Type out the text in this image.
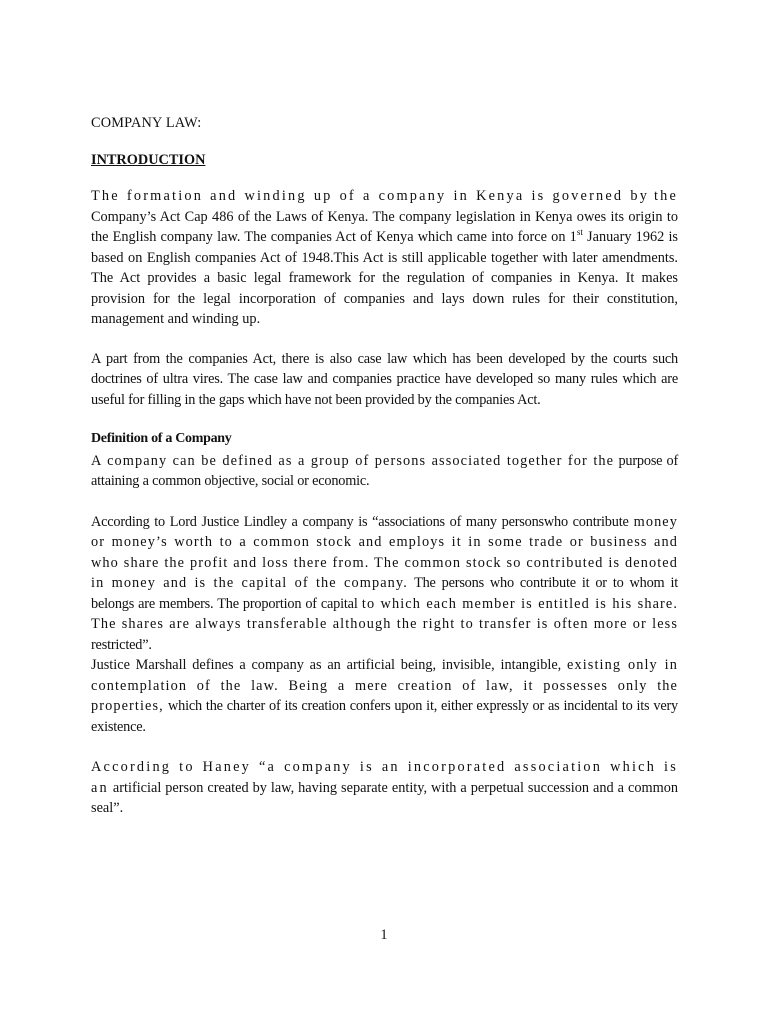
COMPANY LAW:
INTRODUCTION

The formation and winding up of a company in Kenya is governed by the Company’s Act Cap 486 of the Laws of Kenya. The company legislation in Kenya owes its origin to the English company law. The companies Act of Kenya which came into force on 1st January 1962 is based on English companies Act of 1948.This Act is still applicable together with later amendments. The Act provides a basic legal framework for the regulation of companies in Kenya. It makes provision for the legal incorporation of companies and lays down rules for their constitution, management and winding up.

A part from the companies Act, there is also case law which has been developed by the courts such doctrines of ultra vires. The case law and companies practice have developed so many rules which are useful for filling in the gaps which have not been provided by the companies Act.

Definition of a Company

A company can be defined as a group of persons associated together for the purpose of attaining a common objective, social or economic.

According to Lord Justice Lindley a company is “associations of many personswho contribute money or money’s worth to a common stock and employs it in some trade or business and who share the profit and loss there from. The common stock so contributed is denoted in money and is the capital of the company. The persons who contribute it or to whom it belongs are members. The proportion of capital to which each member is entitled is his share. The shares are always transferable although the right to transfer is often more or less restricted”.

Justice Marshall defines a company as an artificial being, invisible, intangible, existing only in contemplation of the law. Being a mere creation of law, it possesses only the properties, which the charter of its creation confers upon it, either expressly or as incidental to its very existence.

According to Haney “a company is an incorporated association which is an artificial person created by law, having separate entity, with a perpetual succession and a common seal”.

1
